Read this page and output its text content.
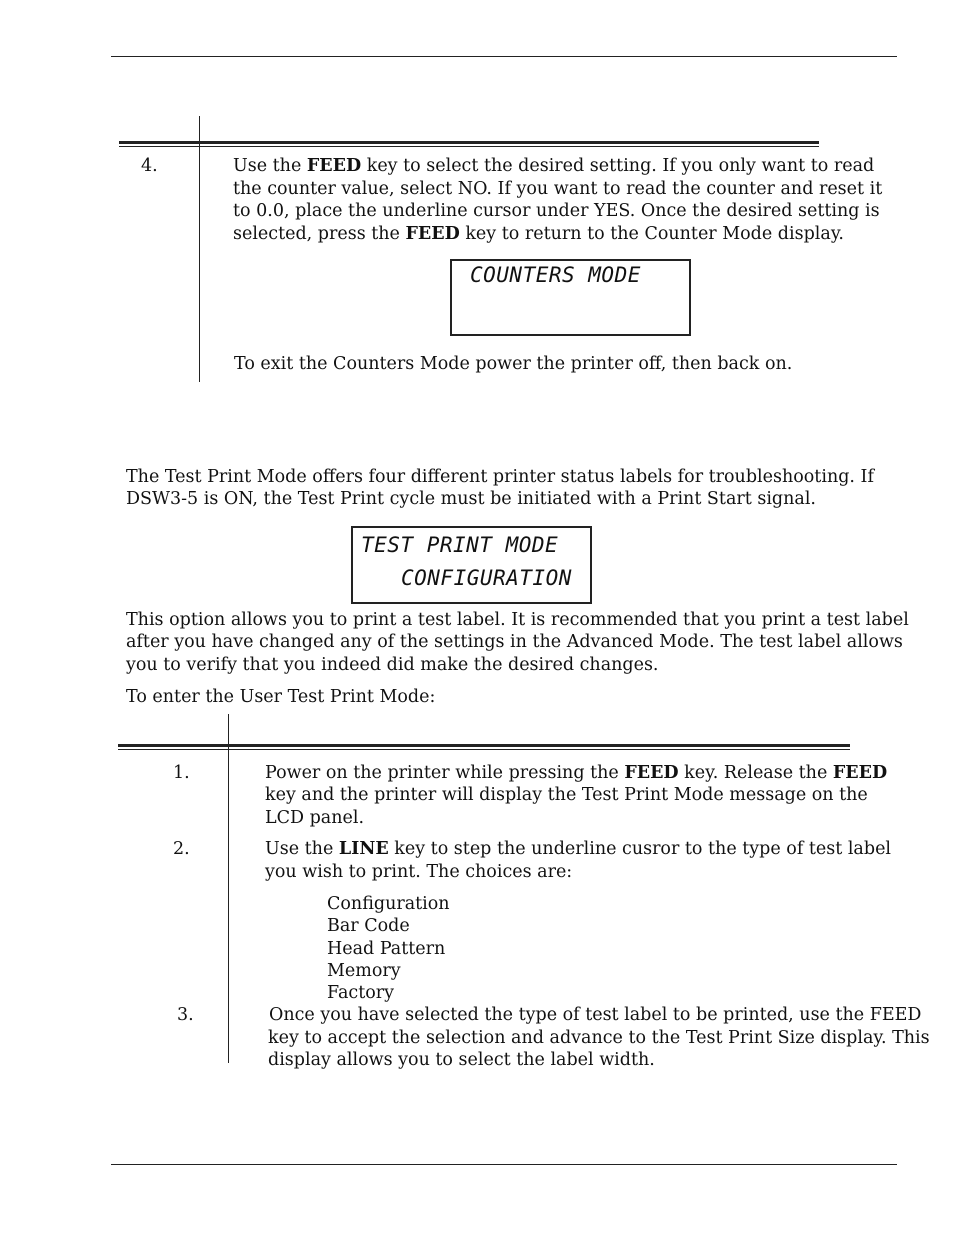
4.	Use the FEED key to select the desired setting. If you only want to read
the counter value, select NO. If you want to read the counter and reset it
to 0.0, place the underline cursor under YES. Once the desired setting is
selected, press the FEED key to return to the Counter Mode display.
COUNTERS MODE
To exit the Counters Mode power the printer off, then back on.
The Test Print Mode offers four different printer status labels for troubleshooting. If
DSW3-5 is ON, the Test Print cycle must be initiated with a Print Start signal.
TEST PRINT MODE
CONFIGURATION
This option allows you to print a test label. It is recommended that you print a test label
after you have changed any of the settings in the Advanced Mode. The test label allows
you to verify that you indeed did make the desired changes.
To enter the User Test Print Mode:
1.	Power on the printer while pressing the FEED key. Release the FEED
key and the printer will display the Test Print Mode message on the
LCD panel.
2.	Use the LINE key to step the underline cusror to the type of test label
you wish to print. The choices are:
Configuration
Bar Code
Head Pattern
Memory
Factory
3.	Once you have selected the type of test label to be printed, use the FEED
key to accept the selection and advance to the Test Print Size display. This
display allows you to select the label width.
